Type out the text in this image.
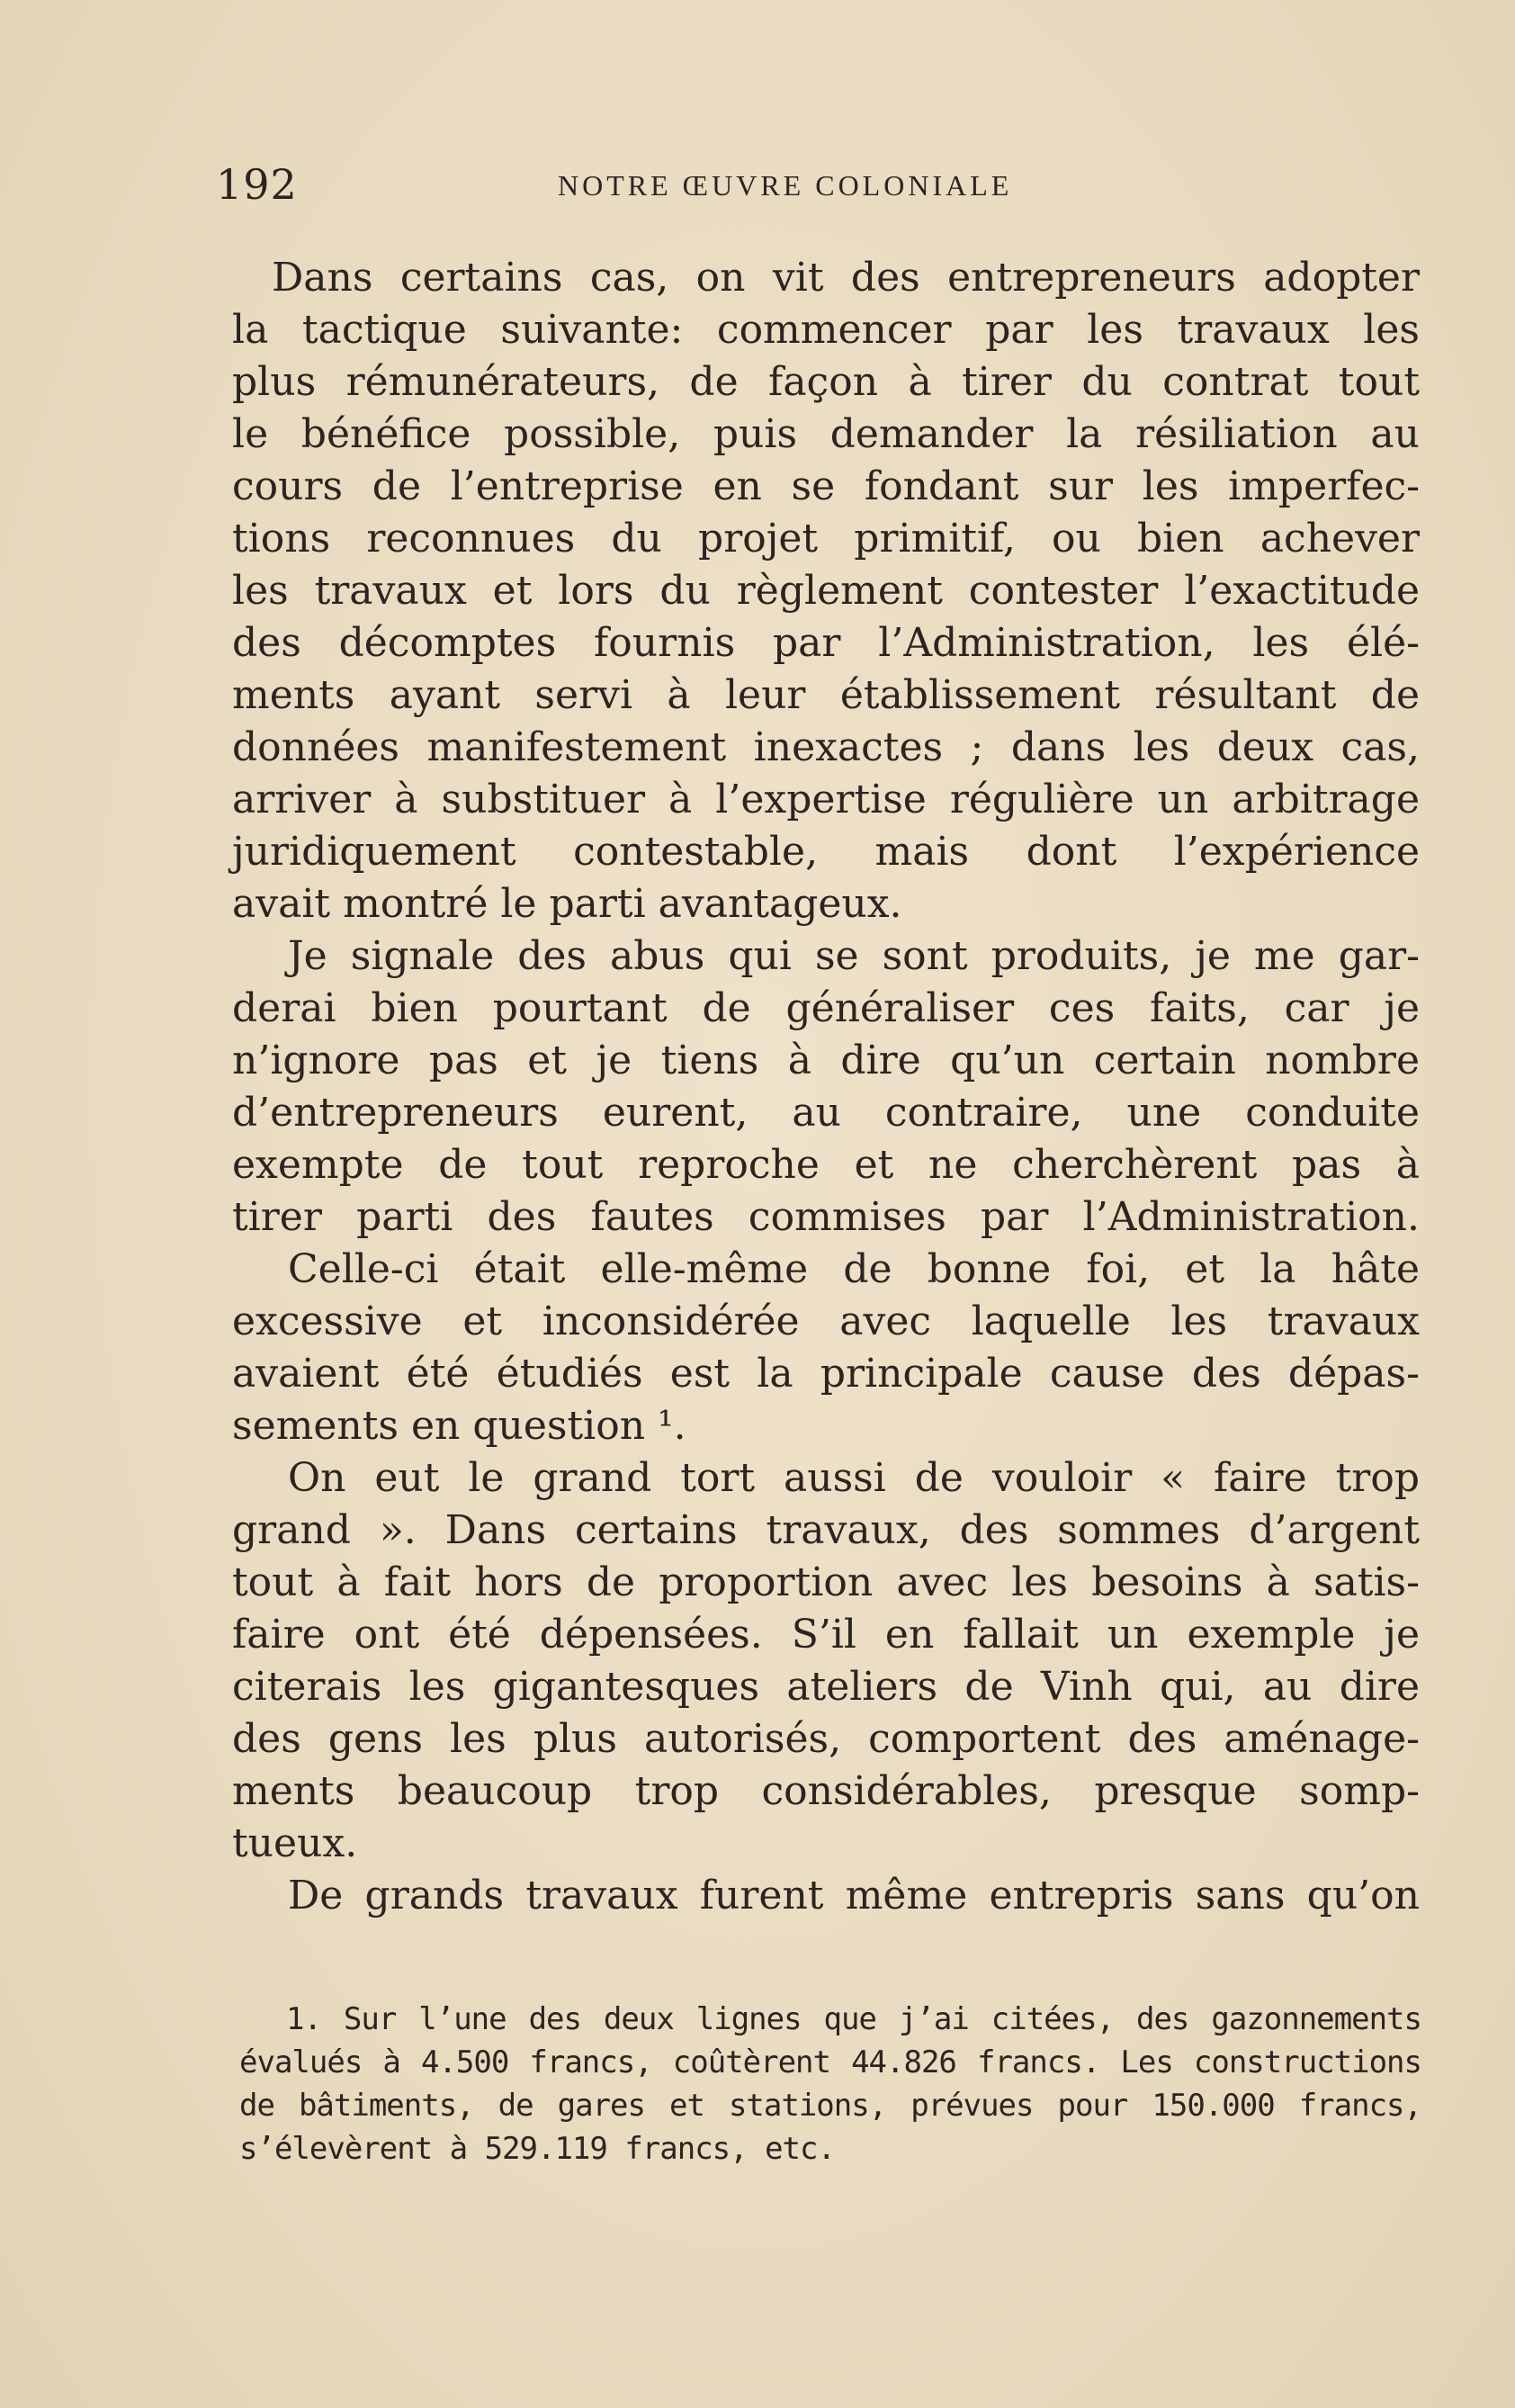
192	NOTRE ŒUVRE COLONIALE
Dans certains cas, on vit des entrepreneurs adopter
la tactique suivante: commencer par les travaux les
plus rémunérateurs, de façon à tirer du contrat tout
le bénéfice possible, puis demander la résiliation au
cours de l’entreprise en se fondant sur les imperfec-
tions reconnues du projet primitif, ou bien achever
les travaux et lors du règlement contester l’exactitude
des décomptes fournis par l’Administration, les élé-
ments ayant servi à leur établissement résultant de
données manifestement inexactes ; dans les deux cas,
arriver à substituer à l’expertise régulière un arbitrage
juridiquement contestable, mais dont l’expérience
avait montré le parti avantageux.
Je signale des abus qui se sont produits, je me gar-
derai bien pourtant de généraliser ces faits, car je
n’ignore pas et je tiens à dire qu’un certain nombre
d’entrepreneurs eurent, au contraire, une conduite
exempte de tout reproche et ne cherchèrent pas à
tirer parti des fautes commises par l’Administration.
Celle-ci était elle-même de bonne foi, et la hâte
excessive et inconsidérée avec laquelle les travaux
avaient été étudiés est la principale cause des dépas-
sements en question ¹.
On eut le grand tort aussi de vouloir « faire trop
grand ». Dans certains travaux, des sommes d’argent
tout à fait hors de proportion avec les besoins à satis-
faire ont été dépensées. S’il en fallait un exemple je
citerais les gigantesques ateliers de Vinh qui, au dire
des gens les plus autorisés, comportent des aménage-
ments beaucoup trop considérables, presque somp-
tueux.
De grands travaux furent même entrepris sans qu’on
1. Sur l’une des deux lignes que j’ai citées, des gazonnements
évalués à 4.500 francs, coûtèrent 44.826 francs. Les constructions
de bâtiments, de gares et stations, prévues pour 150.000 francs,
s’élevèrent à 529.119 francs, etc.
